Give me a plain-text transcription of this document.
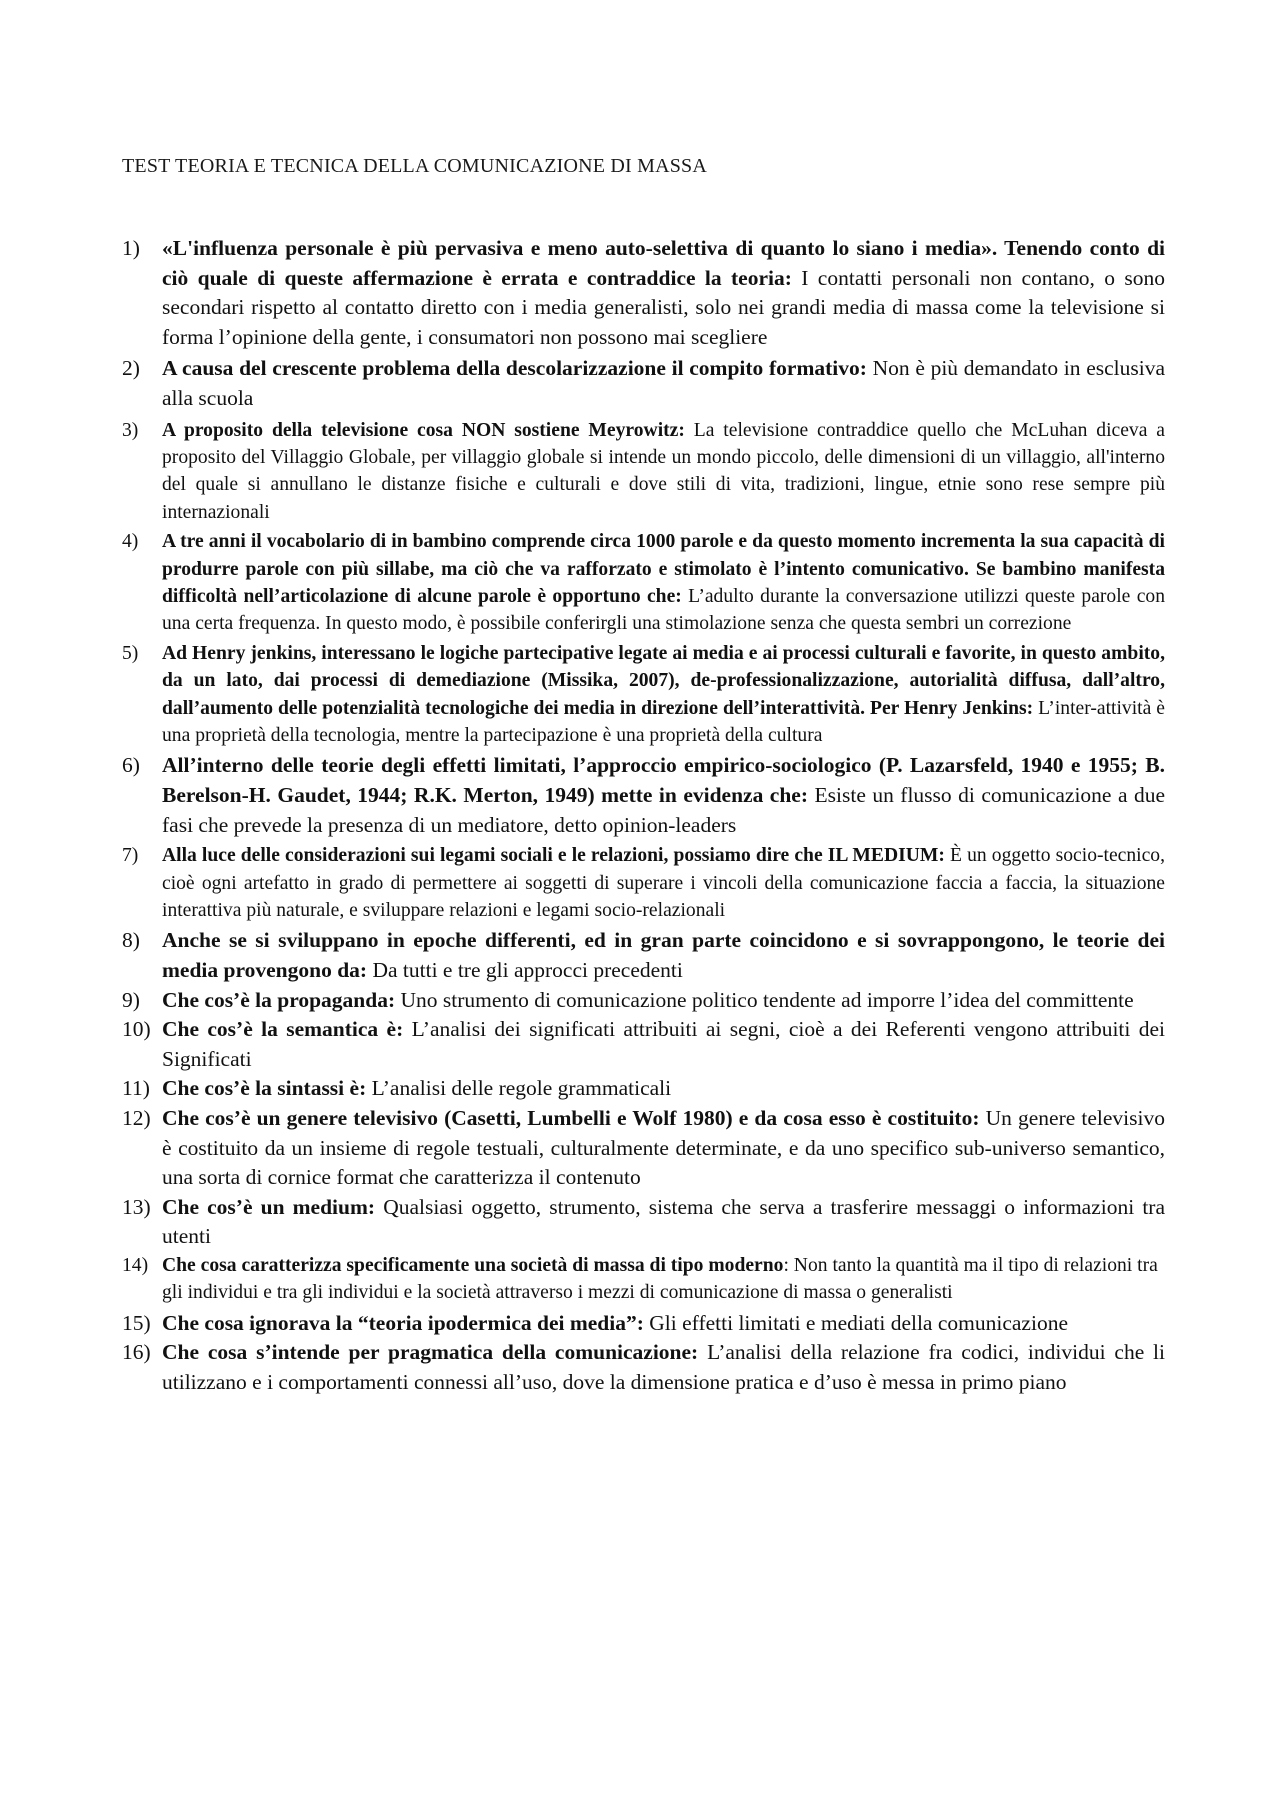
TEST TEORIA E TECNICA DELLA COMUNICAZIONE DI MASSA
1) «L'influenza personale è più pervasiva e meno auto-selettiva di quanto lo siano i media». Tenendo conto di ciò quale di queste affermazione è errata e contraddice la teoria: I contatti personali non contano, o sono secondari rispetto al contatto diretto con i media generalisti, solo nei grandi media di massa come la televisione si forma l’opinione della gente, i consumatori non possono mai scegliere
2) A causa del crescente problema della descolarizzazione il compito formativo: Non è più demandato in esclusiva alla scuola
3) A proposito della televisione cosa NON sostiene Meyrowitz: La televisione contraddice quello che McLuhan diceva a proposito del Villaggio Globale, per villaggio globale si intende un mondo piccolo, delle dimensioni di un villaggio, all'interno del quale si annullano le distanze fisiche e culturali e dove stili di vita, tradizioni, lingue, etnie sono rese sempre più internazionali
4) A tre anni il vocabolario di in bambino comprende circa 1000 parole e da questo momento incrementa la sua capacità di produrre parole con più sillabe, ma ciò che va rafforzato e stimolato è l’intento comunicativo. Se bambino manifesta difficoltà nell’articolazione di alcune parole è opportuno che: L’adulto durante la conversazione utilizzi queste parole con una certa frequenza. In questo modo, è possibile conferirgli una stimolazione senza che questa sembri un correzione
5) Ad Henry jenkins, interessano le logiche partecipative legate ai media e ai processi culturali e favorite, in questo ambito, da un lato, dai processi di demediazione (Missika, 2007), de-professionalizzazione, autorialità diffusa, dall’altro, dall’aumento delle potenzialità tecnologiche dei media in direzione dell’interattività. Per Henry Jenkins: L’inter-attività è una proprietà della tecnologia, mentre la partecipazione è una proprietà della cultura
6) All’interno delle teorie degli effetti limitati, l’approccio empirico-sociologico (P. Lazarsfeld, 1940 e 1955; B. Berelson-H. Gaudet, 1944; R.K. Merton, 1949) mette in evidenza che: Esiste un flusso di comunicazione a due fasi che prevede la presenza di un mediatore, detto opinion-leaders
7) Alla luce delle considerazioni sui legami sociali e le relazioni, possiamo dire che IL MEDIUM: È un oggetto socio-tecnico, cioè ogni artefatto in grado di permettere ai soggetti di superare i vincoli della comunicazione faccia a faccia, la situazione interattiva più naturale, e sviluppare relazioni e legami socio-relazionali
8) Anche se si sviluppano in epoche differenti, ed in gran parte coincidono e si sovrappongono, le teorie dei media provengono da: Da tutti e tre gli approcci precedenti
9) Che cos’è la propaganda: Uno strumento di comunicazione politico tendente ad imporre l’idea del committente
10) Che cos’è la semantica è: L’analisi dei significati attribuiti ai segni, cioè a dei Referenti vengono attribuiti dei Significati
11) Che cos’è la sintassi è: L’analisi delle regole grammaticali
12) Che cos’è un genere televisivo (Casetti, Lumbelli e Wolf 1980) e da cosa esso è costituito: Un genere televisivo è costituito da un insieme di regole testuali, culturalmente determinate, e da uno specifico sub-universo semantico, una sorta di cornice format che caratterizza il contenuto
13) Che cos’è un medium: Qualsiasi oggetto, strumento, sistema che serva a trasferire messaggi o informazioni tra utenti
14) Che cosa caratterizza specificamente una società di massa di tipo moderno: Non tanto la quantità ma il tipo di relazioni tra gli individui e tra gli individui e la società attraverso i mezzi di comunicazione di massa o generalisti
15) Che cosa ignorava la “teoria ipodermica dei media”: Gli effetti limitati e mediati della comunicazione
16) Che cosa s’intende per pragmatica della comunicazione: L’analisi della relazione fra codici, individui che li utilizzano e i comportamenti connessi all’uso, dove la dimensione pratica e d’uso è messa in primo piano
